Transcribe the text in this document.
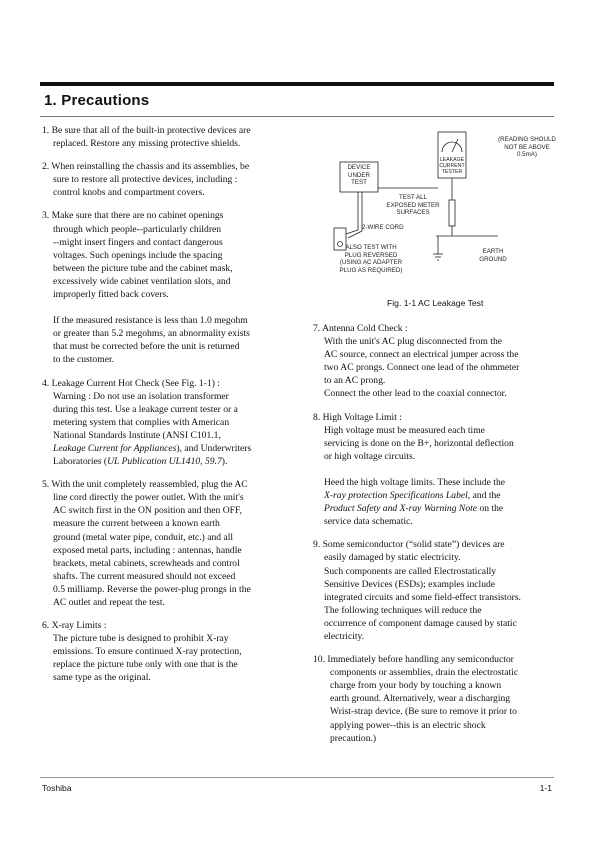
1. Precautions
1. Be sure that all of the built-in protective devices are
replaced. Restore any missing protective shields.
2. When reinstalling the chassis and its assemblies, be
sure to restore all protective devices, including :
control knobs and compartment covers.
3. Make sure that there are no cabinet openings
through which people--particularly children
--might insert fingers and contact dangerous
voltages. Such openings include the spacing
between the picture tube and the cabinet mask,
excessively wide cabinet ventilation slots, and
improperly fitted back covers.
If the measured resistance is less than 1.0 megohm
or greater than 5.2 megohms, an abnormality exists
that must be corrected before the unit is returned
to the customer.
4. Leakage Current Hot Check (See Fig. 1-1) :
Warning : Do not use an isolation transformer
during this test. Use a leakage current tester or a
metering system that complies with American
National Standards Institute (ANSI C101.1,
Leakage Current for Appliances), and Underwriters
Laboratories (UL Publication UL1410, 59.7).
5. With the unit completely reassembled, plug the AC
line cord directly the power outlet. With the unit's
AC switch first in the ON position and then OFF,
measure the current between a known earth
ground (metal water pipe, conduit, etc.) and all
exposed metal parts, including : antennas, handle
brackets, metal cabinets, screwheads and control
shafts. The current measured should not exceed
0.5 milliamp. Reverse the power-plug prongs in the
AC outlet and repeat the test.
6. X-ray Limits :
The picture tube is designed to prohibit X-ray
emissions. To ensure continued X-ray protection,
replace the picture tube only with one that is the
same type as the original.
DEVICE
UNDER
TEST
TEST ALL
EXPOSED METER
SURFACES
2-WIRE CORD
ALSO TEST WITH
PLUG REVERSED
(USING AC ADAPTER
PLUG AS REQUIRED)
LEAKAGE
CURRENT
TESTER
(READING SHOULD
NOT BE ABOVE
0.5mA)
EARTH
GROUND
Fig. 1-1 AC Leakage Test
7. Antenna Cold Check :
With the unit's AC plug disconnected from the
AC source, connect an electrical jumper across the
two AC prongs. Connect one lead of the ohmmeter
to an AC prong.
Connect the other lead to the coaxial connector.
8. High Voltage Limit :
High voltage must be measured each time
servicing is done on the B+, horizontal deflection
or high voltage circuits.
Heed the high voltage limits. These include the
X-ray protection Specifications Label, and the
Product Safety and X-ray Warning Note on the
service data schematic.
9. Some semiconductor (“solid state”) devices are
easily damaged by static electricity.
Such components are called Electrostatically
Sensitive Devices (ESDs); examples include
integrated circuits and some field-effect transistors.
The following techniques will reduce the
occurrence of component damage caused by static
electricity.
10. Immediately before handling any semiconductor
components or assemblies, drain the electrostatic
charge from your body by touching a known
earth ground. Alternatively, wear a discharging
Wrist-strap device. (Be sure to remove it prior to
applying power--this is an electric shock
precaution.)
Toshiba	1-1
